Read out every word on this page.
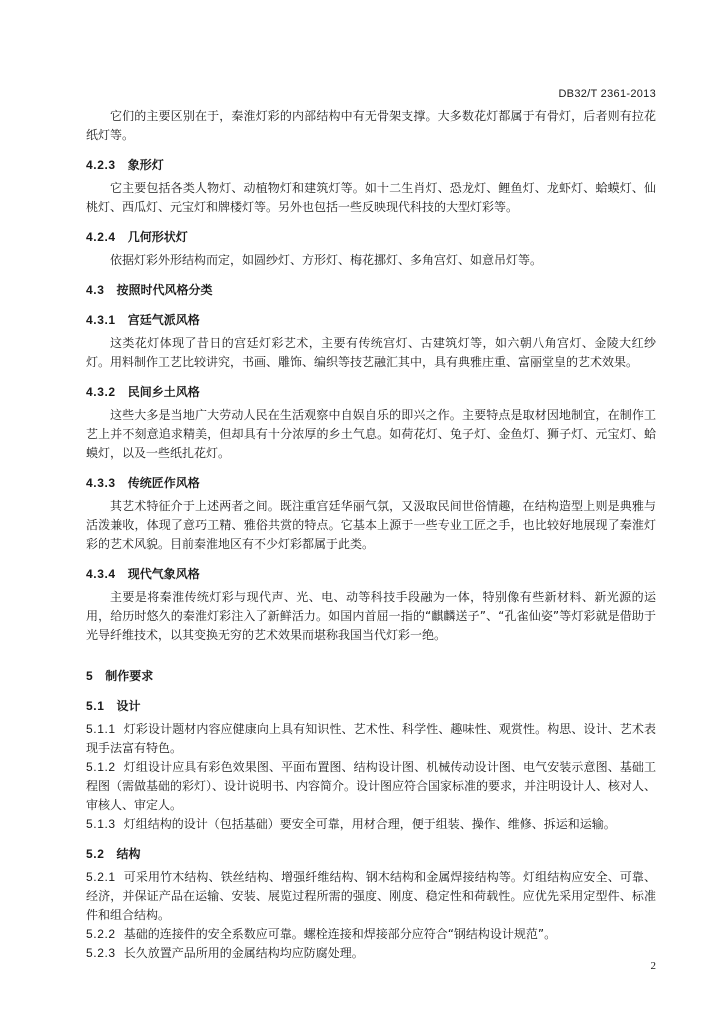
DB32/T 2361-2013

它们的主要区别在于，秦淮灯彩的内部结构中有无骨架支撑。大多数花灯都属于有骨灯，后者则有拉花纸灯等。

4.2.3 象形灯

它主要包括各类人物灯、动植物灯和建筑灯等。如十二生肖灯、恐龙灯、鲤鱼灯、龙虾灯、蛤蟆灯、仙桃灯、西瓜灯、元宝灯和牌楼灯等。另外也包括一些反映现代科技的大型灯彩等。

4.2.4 几何形状灯

依据灯彩外形结构而定，如圆纱灯、方形灯、梅花挪灯、多角宫灯、如意吊灯等。

4.3 按照时代风格分类
4.3.1 宫廷气派风格

这类花灯体现了昔日的宫廷灯彩艺术，主要有传统宫灯、古建筑灯等，如六朝八角宫灯、金陵大红纱灯。用料制作工艺比较讲究，书画、雕饰、编织等技艺融汇其中，具有典雅庄重、富丽堂皇的艺术效果。

4.3.2 民间乡土风格

这些大多是当地广大劳动人民在生活观察中自娱自乐的即兴之作。主要特点是取材因地制宜，在制作工艺上并不刻意追求精美，但却具有十分浓厚的乡土气息。如荷花灯、兔子灯、金鱼灯、狮子灯、元宝灯、蛤蟆灯，以及一些纸扎花灯。

4.3.3 传统匠作风格

其艺术特征介于上述两者之间。既注重宫廷华丽气氛，又汲取民间世俗情趣，在结构造型上则是典雅与活泼兼收，体现了意巧工精、雅俗共赏的特点。它基本上源于一些专业工匠之手，也比较好地展现了秦淮灯彩的艺术风貌。目前秦淮地区有不少灯彩都属于此类。

4.3.4 现代气象风格

主要是将秦淮传统灯彩与现代声、光、电、动等科技手段融为一体，特别像有些新材料、新光源的运用，给历时悠久的秦淮灯彩注入了新鲜活力。如国内首屈一指的“麒麟送子”、“孔雀仙姿”等灯彩就是借助于光导纤维技术，以其变换无穷的艺术效果而堪称我国当代灯彩一绝。

5 制作要求
5.1 设计

5.1.1 灯彩设计题材内容应健康向上具有知识性、艺术性、科学性、趣味性、观赏性。构思、设计、艺术表现手法富有特色。

5.1.2 灯组设计应具有彩色效果图、平面布置图、结构设计图、机械传动设计图、电气安装示意图、基础工程图（需做基础的彩灯）、设计说明书、内容简介。设计图应符合国家标准的要求，并注明设计人、核对人、审核人、审定人。

5.1.3 灯组结构的设计（包括基础）要安全可靠，用材合理，便于组装、操作、维修、拆运和运输。

5.2 结构

5.2.1 可采用竹木结构、铁丝结构、增强纤维结构、钢木结构和金属焊接结构等。灯组结构应安全、可靠、经济，并保证产品在运输、安装、展览过程所需的强度、刚度、稳定性和荷载性。应优先采用定型件、标准件和组合结构。

5.2.2 基础的连接件的安全系数应可靠。螺栓连接和焊接部分应符合“钢结构设计规范”。

5.2.3 长久放置产品所用的金属结构均应防腐处理。

2
